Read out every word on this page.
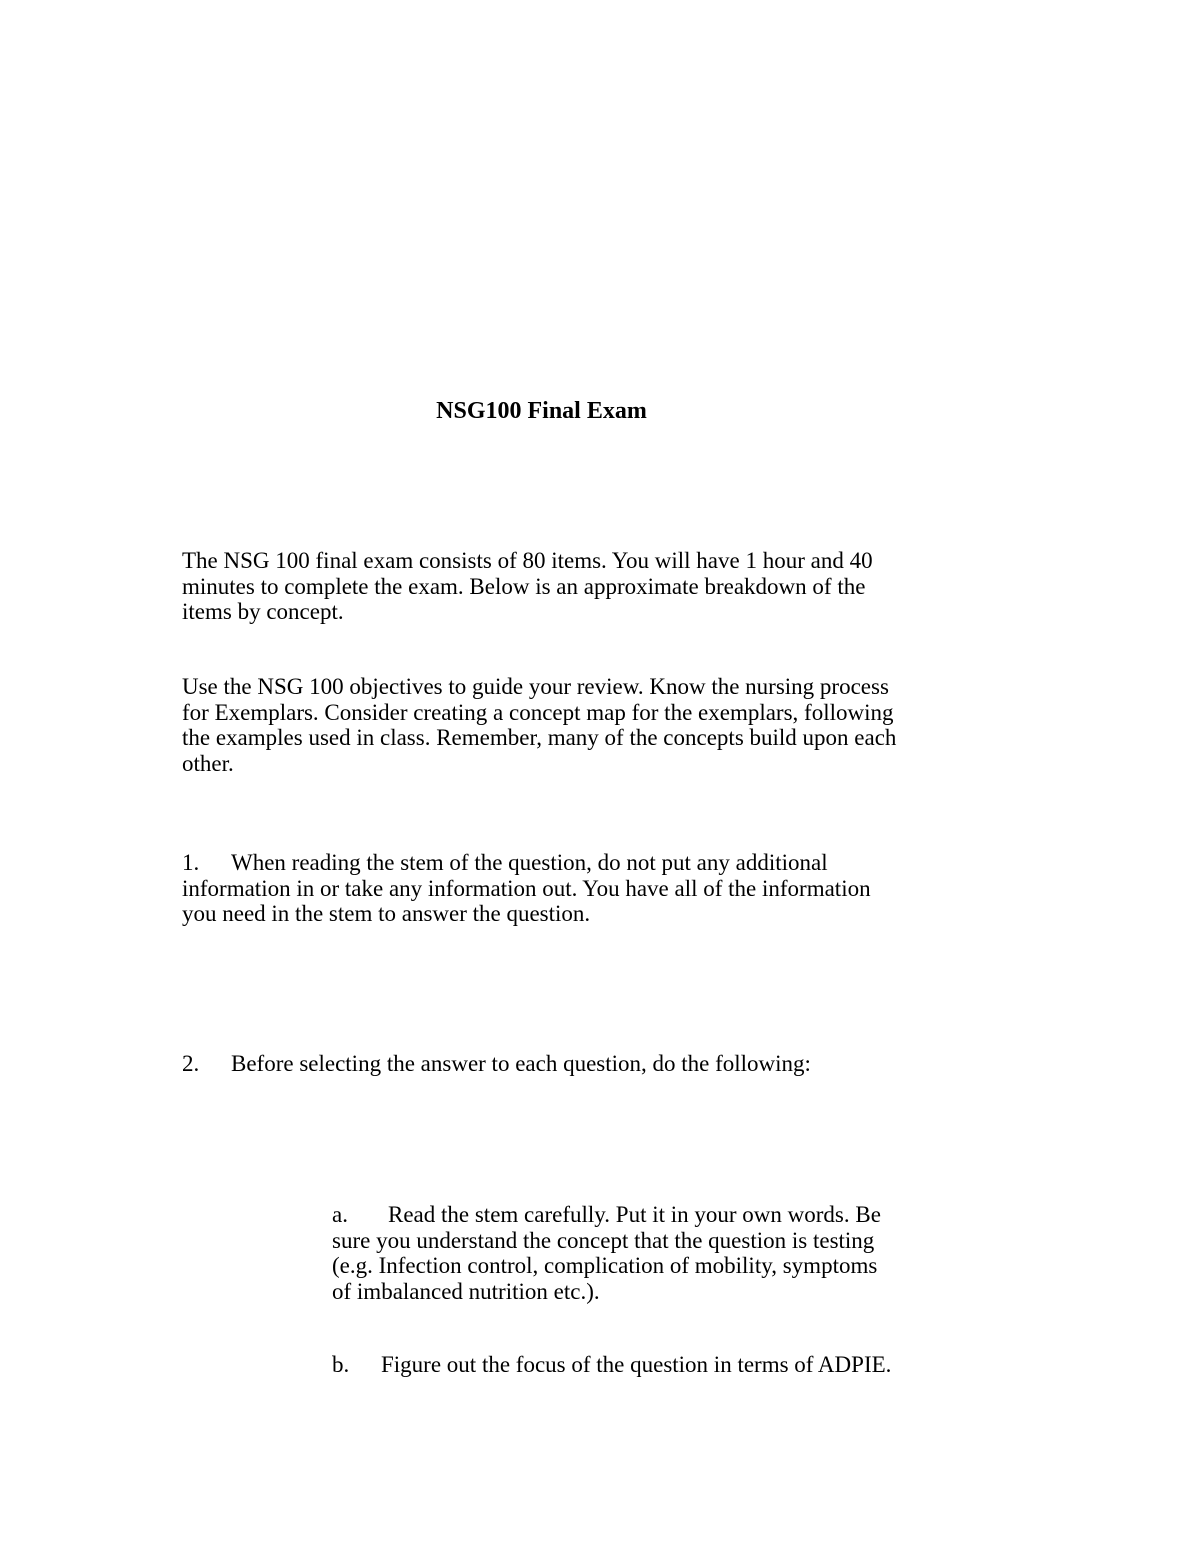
NSG100 Final Exam

The NSG 100 final exam consists of 80 items. You will have 1 hour and 40 minutes to complete the exam. Below is an approximate breakdown of the items by concept.

Use the NSG 100 objectives to guide your review. Know the nursing process for Exemplars. Consider creating a concept map for the exemplars, following the examples used in class. Remember, many of the concepts build upon each other.

1. When reading the stem of the question, do not put any additional information in or take any information out. You have all of the information you need in the stem to answer the question.

2. Before selecting the answer to each question, do the following:

a. Read the stem carefully. Put it in your own words. Be sure you understand the concept that the question is testing (e.g. Infection control, complication of mobility, symptoms of imbalanced nutrition etc.).

b. Figure out the focus of the question in terms of ADPIE.
